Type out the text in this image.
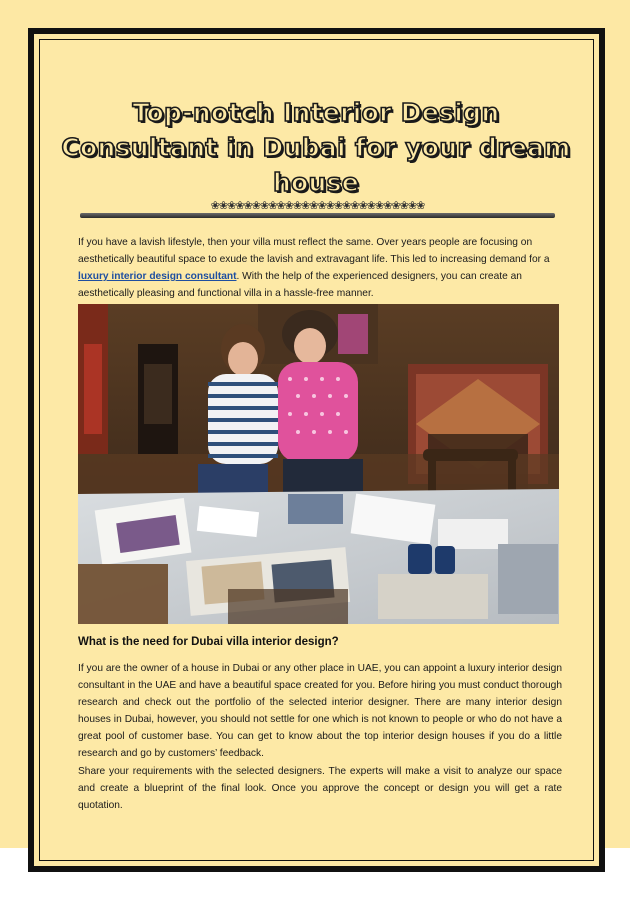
Top-notch Interior Design Consultant in Dubai for your dream house
❀❀❀❀❀❀❀❀❀❀❀❀❀❀❀❀❀❀❀❀❀❀❀❀❀❀

If you have a lavish lifestyle, then your villa must reflect the same. Over years people are focusing on aesthetically beautiful space to exude the lavish and extravagant life. This led to increasing demand for a luxury interior design consultant. With the help of the experienced designers, you can create an aesthetically pleasing and functional villa in a hassle-free manner.

What is the need for Dubai villa interior design?

If you are the owner of a house in Dubai or any other place in UAE, you can appoint a luxury interior design consultant in the UAE and have a beautiful space created for you. Before hiring you must conduct thorough research and check out the portfolio of the selected interior designer. There are many interior design houses in Dubai, however, you should not settle for one which is not known to people or who do not have a great pool of customer base. You can get to know about the top interior design houses if you do a little research and go by customers’ feedback.

Share your requirements with the selected designers. The experts will make a visit to analyze our space and create a blueprint of the final look. Once you approve the concept or design you will get a rate quotation.
